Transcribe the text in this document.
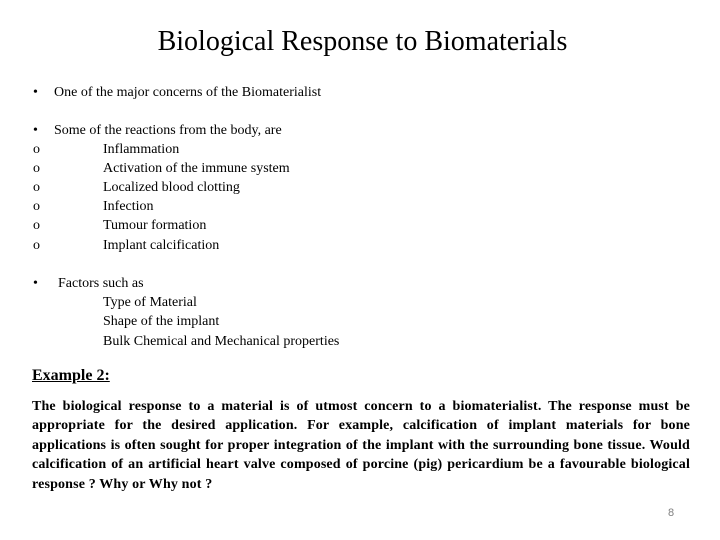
Biological Response to Biomaterials
• One of the major concerns of the Biomaterialist
• Some of the reactions from the body, are
o	Inflammation
o	Activation of the immune system
o	Localized blood clotting
o	Infection
o	Tumour formation
o	Implant calcification
• Factors such as
Type of Material
Shape of the implant
Bulk Chemical and Mechanical properties
Example 2:
The biological response to a material is of utmost concern to a biomaterialist. The response must be appropriate for the desired application. For example, calcification of implant materials for bone applications is often sought for proper integration of the implant with the surrounding bone tissue. Would calcification of an artificial heart valve composed of porcine (pig) pericardium be a favourable biological response ? Why or Why not ?
8
